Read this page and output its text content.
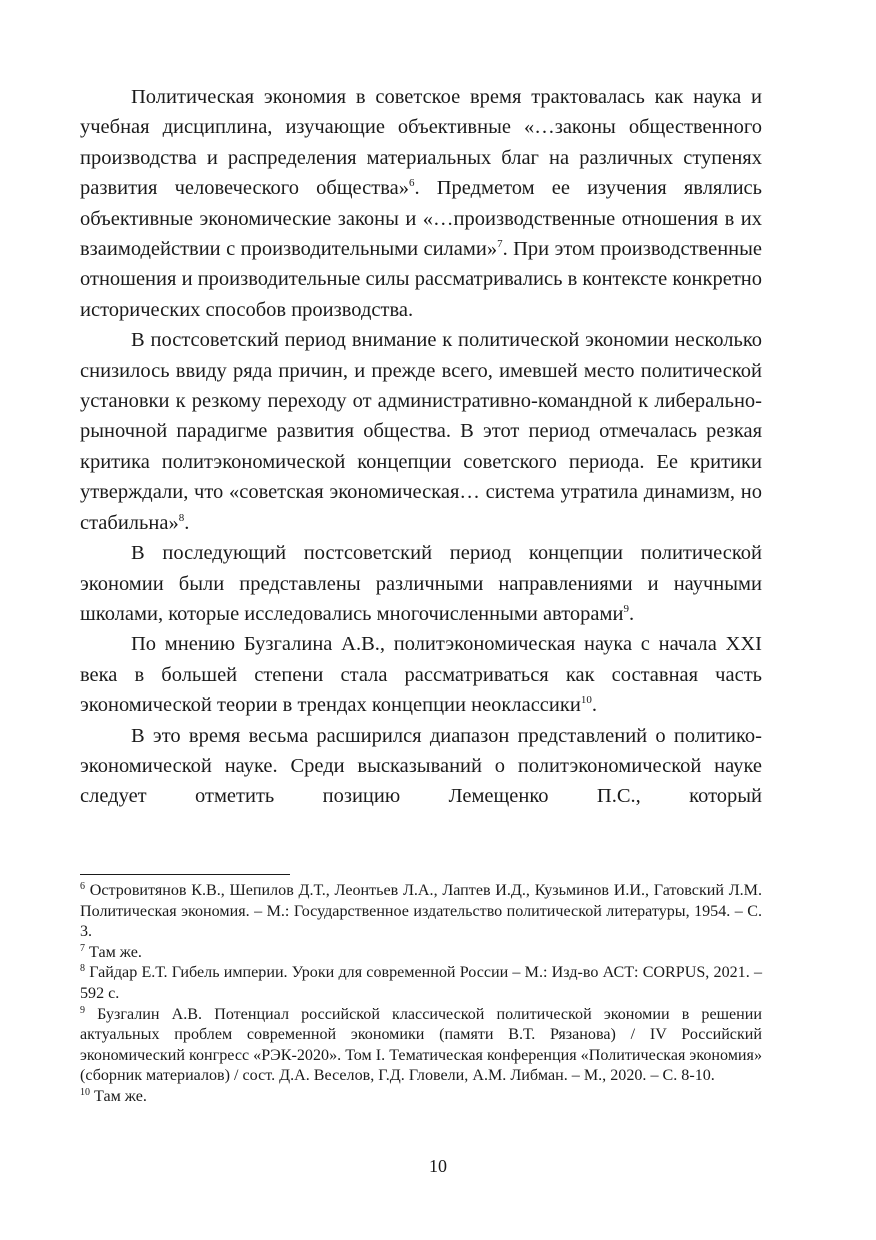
Политическая экономия в советское время трактовалась как наука и учебная дисциплина, изучающие объективные «…законы общественного производства и распределения материальных благ на различных ступенях развития человеческого общества»$^6$. Предметом ее изучения являлись объективные экономические законы и «…производственные отношения в их взаимодействии с производительными силами»$^7$. При этом производственные отношения и производительные силы рассматривались в контексте конкретно исторических способов производства.

В постсоветский период внимание к политической экономии несколько снизилось ввиду ряда причин, и прежде всего, имевшей место политической установки к резкому переходу от административно-командной к либерально-рыночной парадигме развития общества. В этот период отмечалась резкая критика политэкономической концепции советского периода. Ее критики утверждали, что «советская экономическая… система утратила динамизм, но стабильна»$^8$.

В последующий постсоветский период концепции политической экономии были представлены различными направлениями и научными школами, которые исследовались многочисленными авторами$^9$.

По мнению Бузгалина А.В., политэкономическая наука с начала XXI века в большей степени стала рассматриваться как составная часть экономической теории в трендах концепции неоклассики$^{10}$.

В это время весьма расширился диапазон представлений о политико-экономической науке. Среди высказываний о политэкономической науке следует отметить позицию Лемещенко П.С., который

$^6$ Островитянов К.В., Шепилов Д.Т., Леонтьев Л.А., Лаптев И.Д., Кузьминов И.И., Гатовский Л.М. Политическая экономия. – М.: Государственное издательство политической литературы, 1954. – С. 3.

$^7$ Там же.

$^8$ Гайдар Е.Т. Гибель империи. Уроки для современной России – М.: Изд-во АСТ: CORPUS, 2021. – 592 с.

$^9$ Бузгалин А.В. Потенциал российской классической политической экономии в решении актуальных проблем современной экономики (памяти В.Т. Рязанова) / IV Российский экономический конгресс «РЭК-2020». Том I. Тематическая конференция «Политическая экономия» (сборник материалов) / сост. Д.А. Веселов, Г.Д. Гловели, А.М. Либман. – М., 2020. – С. 8-10.

$^{10}$ Там же.

10
